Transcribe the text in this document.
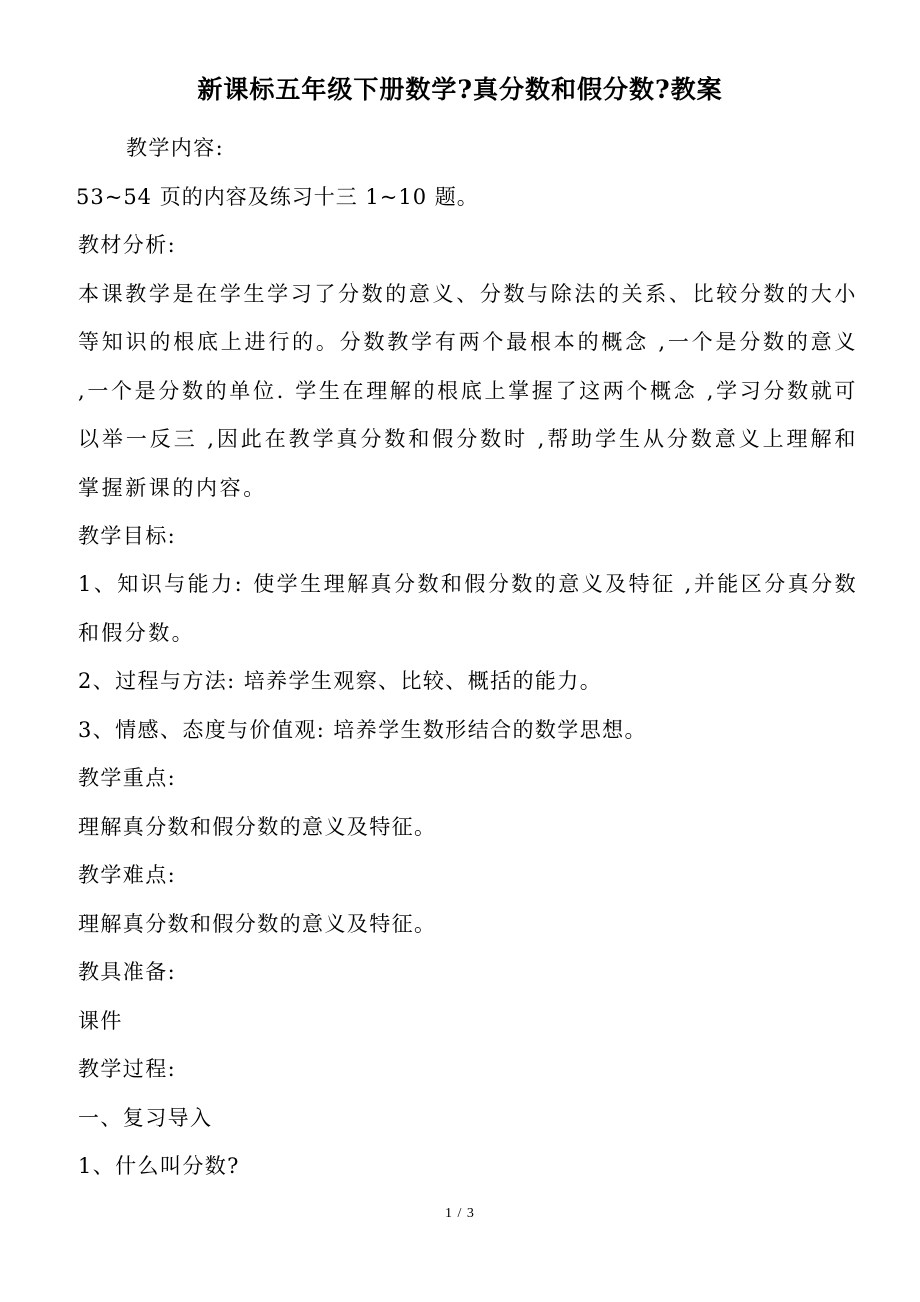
新课标五年级下册数学?真分数和假分数?教案
教学内容:
53~54 页的内容及练习十三 1~10 题。
教材分析:
本课教学是在学生学习了分数的意义、分数与除法的关系、比较分数的大小等知识的根底上进行的。分数教学有两个最根本的概念 ,一个是分数的意义 ,一个是分数的单位. 学生在理解的根底上掌握了这两个概念 ,学习分数就可以举一反三 ,因此在教学真分数和假分数时 ,帮助学生从分数意义上理解和掌握新课的内容。
教学目标:
1、知识与能力: 使学生理解真分数和假分数的意义及特征 ,并能区分真分数和假分数。
2、过程与方法: 培养学生观察、比较、概括的能力。
3、情感、态度与价值观: 培养学生数形结合的数学思想。
教学重点:
理解真分数和假分数的意义及特征。
教学难点:
理解真分数和假分数的意义及特征。
教具准备:
课件
教学过程:
一、复习导入
1、什么叫分数?
1 / 3
